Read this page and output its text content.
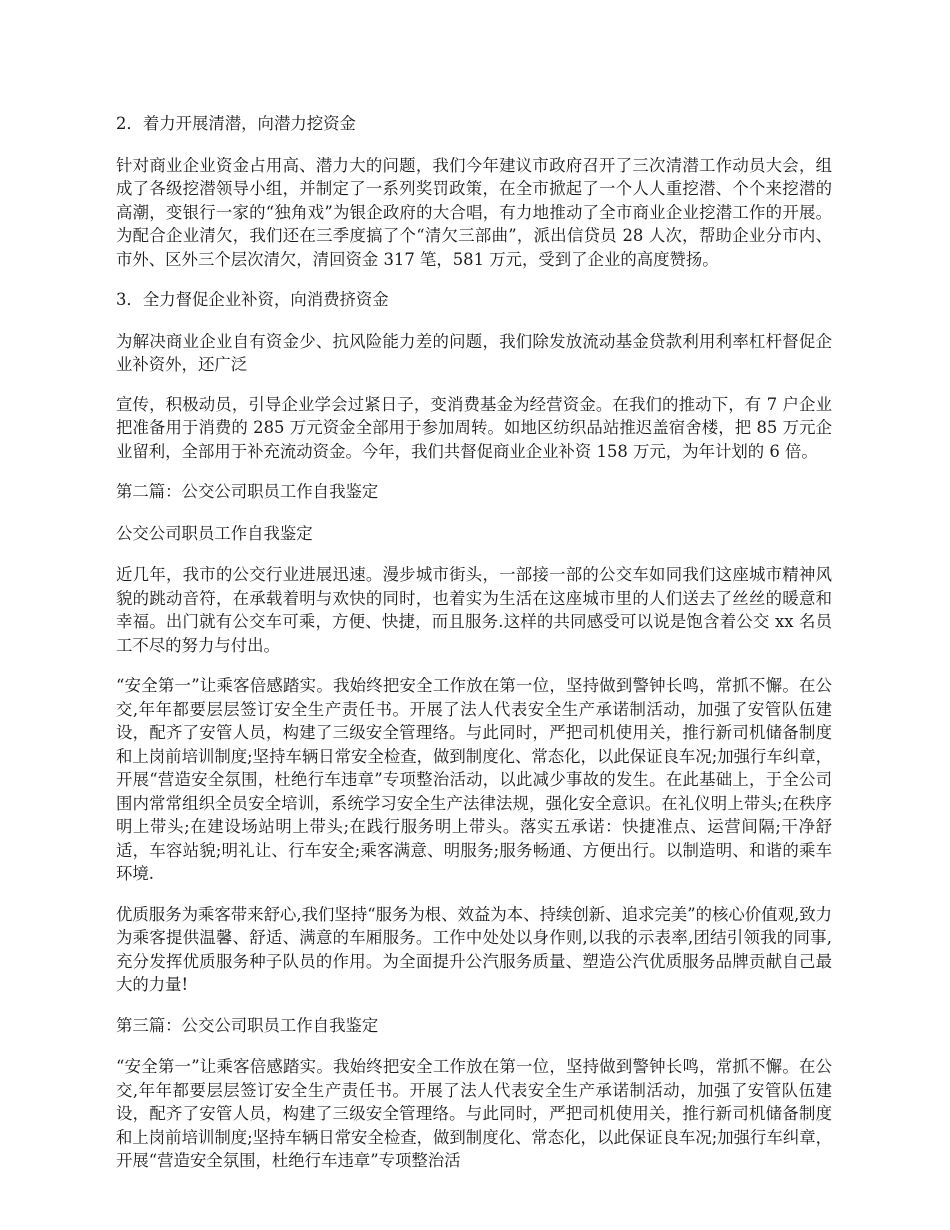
2．着力开展清潜，向潜力挖资金

针对商业企业资金占用高、潜力大的问题，我们今年建议市政府召开了三次清潜工作动员大会，组成了各级挖潜领导小组，并制定了一系列奖罚政策，在全市掀起了一个人人重挖潜、个个来挖潜的高潮，变银行一家的“独角戏”为银企政府的大合唱，有力地推动了全市商业企业挖潜工作的开展。为配合企业清欠，我们还在三季度搞了个“清欠三部曲”，派出信贷员 28 人次，帮助企业分市内、市外、区外三个层次清欠，清回资金 317 笔，581 万元，受到了企业的高度赞扬。

3．全力督促企业补资，向消费挤资金

为解决商业企业自有资金少、抗风险能力差的问题，我们除发放流动基金贷款利用利率杠杆督促企业补资外，还广泛

宣传，积极动员，引导企业学会过紧日子，变消费基金为经营资金。在我们的推动下，有 7 户企业把准备用于消费的 285 万元资金全部用于参加周转。如地区纺织品站推迟盖宿舍楼，把 85 万元企业留利，全部用于补充流动资金。今年，我们共督促商业企业补资 158 万元，为年计划的 6 倍。

第二篇：公交公司职员工作自我鉴定

公交公司职员工作自我鉴定

近几年，我市的公交行业进展迅速。漫步城市街头，一部接一部的公交车如同我们这座城市精神风貌的跳动音符，在承载着明与欢快的同时，也着实为生活在这座城市里的人们送去了丝丝的暖意和幸福。出门就有公交车可乘，方便、快捷，而且服务.这样的共同感受可以说是饱含着公交 xx 名员工不尽的努力与付出。

“安全第一”让乘客倍感踏实。我始终把安全工作放在第一位，坚持做到警钟长鸣，常抓不懈。在公交,年年都要层层签订安全生产责任书。开展了法人代表安全生产承诺制活动，加强了安管队伍建设，配齐了安管人员，构建了三级安全管理络。与此同时，严把司机使用关，推行新司机储备制度和上岗前培训制度;坚持车辆日常安全检查，做到制度化、常态化，以此保证良车况;加强行车纠章，开展“营造安全氛围，杜绝行车违章”专项整治活动，以此减少事故的发生。在此基础上，于全公司围内常常组织全员安全培训，系统学习安全生产法律法规，强化安全意识。在礼仪明上带头;在秩序明上带头;在建设场站明上带头;在践行服务明上带头。落实五承诺：快捷准点、运营间隔;干净舒适，车容站貌;明礼让、行车安全;乘客满意、明服务;服务畅通、方便出行。以制造明、和谐的乘车环境.

优质服务为乘客带来舒心,我们坚持“服务为根、效益为本、持续创新、追求完美”的核心价值观,致力为乘客提供温馨、舒适、满意的车厢服务。工作中处处以身作则,以我的示表率,团结引领我的同事,充分发挥优质服务种子队员的作用。为全面提升公汽服务质量、塑造公汽优质服务品牌贡献自己最大的力量!

第三篇：公交公司职员工作自我鉴定

“安全第一”让乘客倍感踏实。我始终把安全工作放在第一位，坚持做到警钟长鸣，常抓不懈。在公交,年年都要层层签订安全生产责任书。开展了法人代表安全生产承诺制活动，加强了安管队伍建设，配齐了安管人员，构建了三级安全管理络。与此同时，严把司机使用关，推行新司机储备制度和上岗前培训制度;坚持车辆日常安全检查，做到制度化、常态化，以此保证良车况;加强行车纠章，开展“营造安全氛围，杜绝行车违章”专项整治活
